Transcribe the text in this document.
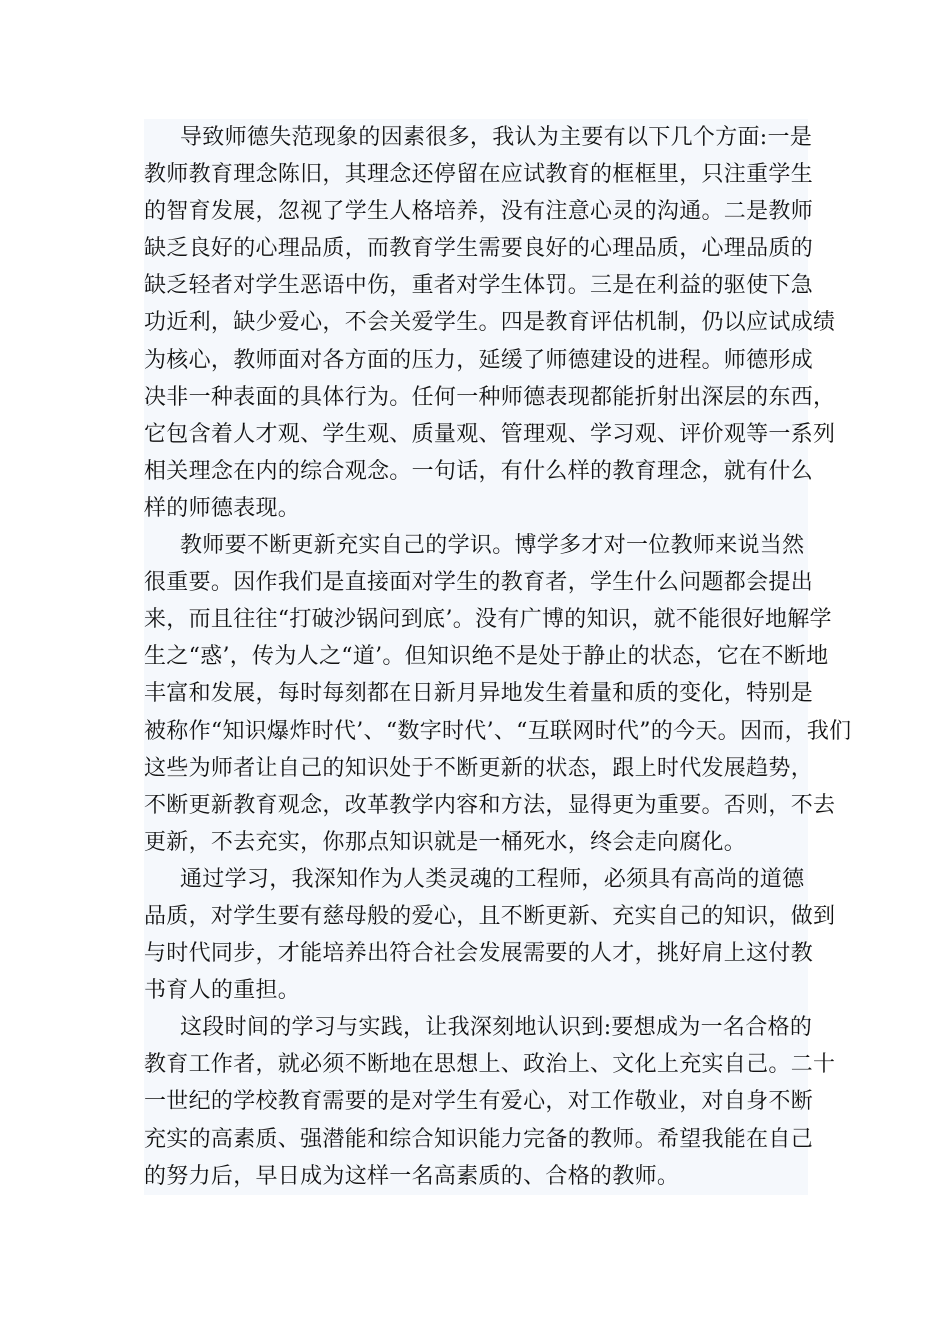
导致师德失范现象的因素很多，我认为主要有以下几个方面:一是
教师教育理念陈旧，其理念还停留在应试教育的框框里，只注重学生
的智育发展，忽视了学生人格培养，没有注意心灵的沟通。二是教师
缺乏良好的心理品质，而教育学生需要良好的心理品质，心理品质的
缺乏轻者对学生恶语中伤，重者对学生体罚。三是在利益的驱使下急
功近利，缺少爱心，不会关爱学生。四是教育评估机制，仍以应试成绩
为核心，教师面对各方面的压力，延缓了师德建设的进程。师德形成
决非一种表面的具体行为。任何一种师德表现都能折射出深层的东西，
它包含着人才观、学生观、质量观、管理观、学习观、评价观等一系列
相关理念在内的综合观念。一句话，有什么样的教育理念，就有什么
样的师德表现。

教师要不断更新充实自己的学识。博学多才对一位教师来说当然
很重要。因作我们是直接面对学生的教育者，学生什么问题都会提出
来，而且往往“打破沙锅问到底’。没有广博的知识，就不能很好地解学
生之“惑’，传为人之“道’。但知识绝不是处于静止的状态，它在不断地
丰富和发展，每时每刻都在日新月异地发生着量和质的变化，特别是
被称作“知识爆炸时代’、“数字时代’、“互联网时代”的今天。因而，我们
这些为师者让自己的知识处于不断更新的状态，跟上时代发展趋势，
不断更新教育观念，改革教学内容和方法，显得更为重要。否则，不去
更新，不去充实，你那点知识就是一桶死水，终会走向腐化。

通过学习，我深知作为人类灵魂的工程师，必须具有高尚的道德
品质，对学生要有慈母般的爱心，且不断更新、充实自己的知识，做到
与时代同步，才能培养出符合社会发展需要的人才，挑好肩上这付教
书育人的重担。

这段时间的学习与实践，让我深刻地认识到:要想成为一名合格的
教育工作者，就必须不断地在思想上、政治上、文化上充实自己。二十
一世纪的学校教育需要的是对学生有爱心，对工作敬业，对自身不断
充实的高素质、强潜能和综合知识能力完备的教师。希望我能在自己
的努力后，早日成为这样一名高素质的、合格的教师。
